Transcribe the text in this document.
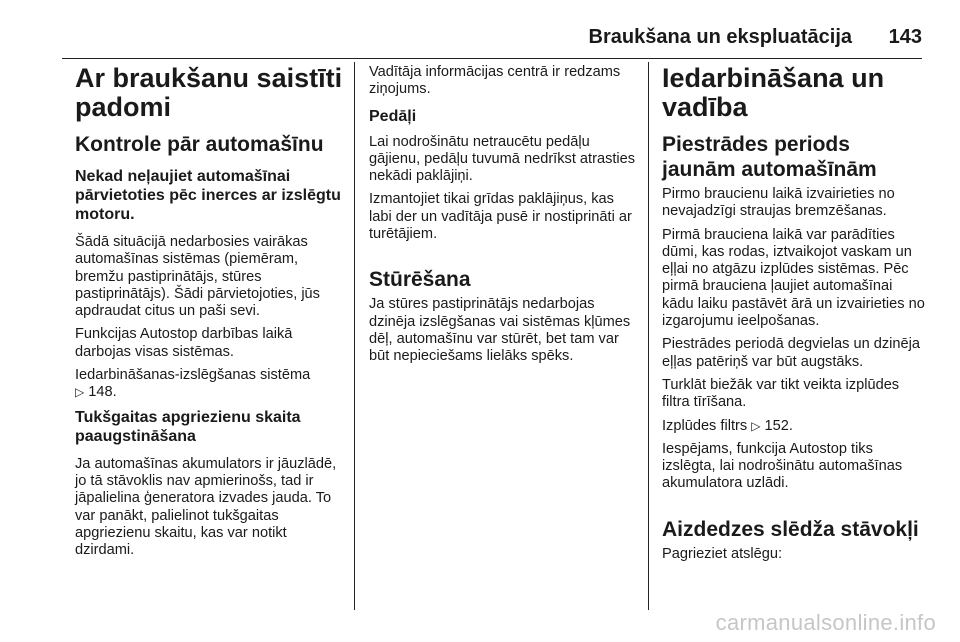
Braukšana un ekspluatācija 143
Ar braukšanu saistīti padomi
Kontrole pār automašīnu
Nekad neļaujiet automašīnai pārvietoties pēc inerces ar izslēgtu motoru.

Šādā situācijā nedarbosies vairākas automašīnas sistēmas (piemēram, bremžu pastiprinātājs, stūres pastiprinātājs). Šādi pārvietojoties, jūs apdraudat citus un paši sevi.

Funkcijas Autostop darbības laikā darbojas visas sistēmas.

Iedarbināšanas-izslēgšanas sistēma
▷ 148.

Tukšgaitas apgriezienu skaita paaugstināšana

Ja automašīnas akumulators ir jāuzlādē, jo tā stāvoklis nav apmierinošs, tad ir jāpalielina ģeneratora izvades jauda. To var panākt, palielinot tukšgaitas apgriezienu skaitu, kas var notikt dzirdami.

Vadītāja informācijas centrā ir redzams ziņojums.

Pedāļi

Lai nodrošinātu netraucētu pedāļu gājienu, pedāļu tuvumā nedrīkst atrasties nekādi paklājiņi.

Izmantojiet tikai grīdas paklājiņus, kas labi der un vadītāja pusē ir nostiprināti ar turētājiem.

Stūrēšana

Ja stūres pastiprinātājs nedarbojas dzinēja izslēgšanas vai sistēmas kļūmes dēļ, automašīnu var stūrēt, bet tam var būt nepieciešams lielāks spēks.

Iedarbināšana un vadība
Piestrādes periods jaunām automašīnām

Pirmo braucienu laikā izvairieties no nevajadzīgi straujas bremzēšanas.

Pirmā brauciena laikā var parādīties dūmi, kas rodas, iztvaikojot vaskam un eļļai no atgāzu izplūdes sistēmas. Pēc pirmā brauciena ļaujiet automašīnai kādu laiku pastāvēt ārā un izvairieties no izgarojumu ieelpošanas.

Piestrādes periodā degvielas un dzinēja eļļas patēriņš var būt augstāks.

Turklāt biežāk var tikt veikta izplūdes filtra tīrīšana.

Izplūdes filtrs ▷ 152.

Iespējams, funkcija Autostop tiks izslēgta, lai nodrošinātu automašīnas akumulatora uzlādi.

Aizdedzes slēdža stāvokļi

Pagrieziet atslēgu:

carmanualsonline.info
